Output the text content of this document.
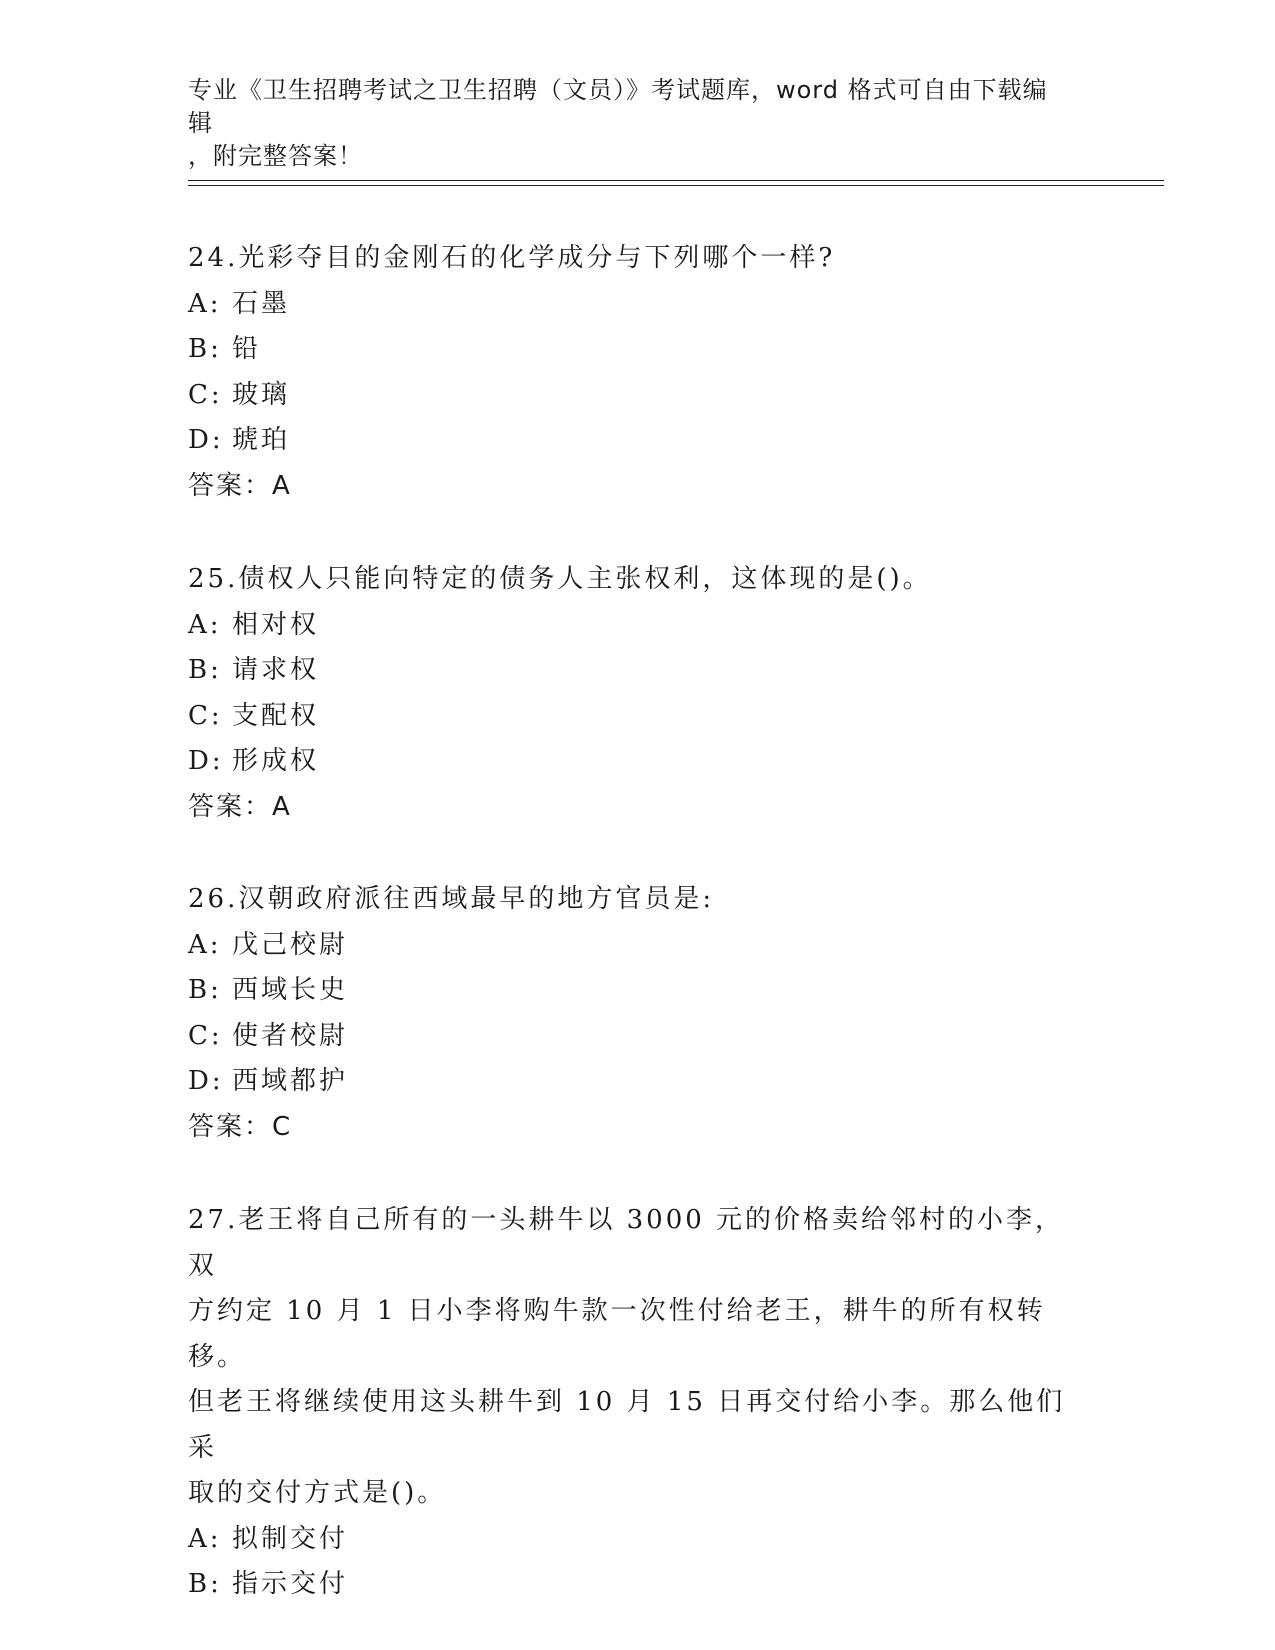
专业《卫生招聘考试之卫生招聘（文员）》考试题库，word 格式可自由下载编辑
，附完整答案！
24.光彩夺目的金刚石的化学成分与下列哪个一样?
A: 石墨
B: 铅
C: 玻璃
D: 琥珀
答案：A
25.债权人只能向特定的债务人主张权利，这体现的是()。
A: 相对权
B: 请求权
C: 支配权
D: 形成权
答案：A
26.汉朝政府派往西域最早的地方官员是:
A: 戊己校尉
B: 西域长史
C: 使者校尉
D: 西域都护
答案：C
27.老王将自己所有的一头耕牛以 3000 元的价格卖给邻村的小李，双
方约定 10 月 1 日小李将购牛款一次性付给老王，耕牛的所有权转移。
但老王将继续使用这头耕牛到 10 月 15 日再交付给小李。那么他们采
取的交付方式是()。
A: 拟制交付
B: 指示交付
